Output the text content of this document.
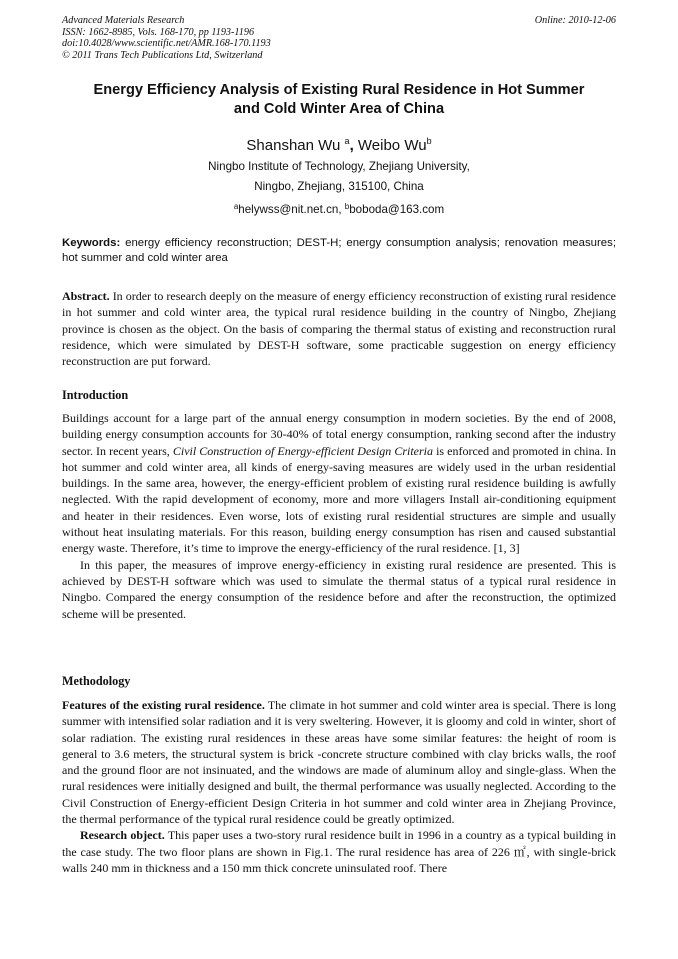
Advanced Materials Research
ISSN: 1662-8985, Vols. 168-170, pp 1193-1196
doi:10.4028/www.scientific.net/AMR.168-170.1193
© 2011 Trans Tech Publications Ltd, Switzerland
Online: 2010-12-06
Energy Efficiency Analysis of Existing Rural Residence in Hot Summer
and Cold Winter Area of China
Shanshan Wu $^a$, Weibo Wu$^b$
Ningbo Institute of Technology, Zhejiang University,
Ningbo, Zhejiang, 315100, China
$^a$helywss@nit.net.cn, $^b$boboda@163.com
Keywords: energy efficiency reconstruction; DEST-H; energy consumption analysis; renovation measures; hot summer and cold winter area

Abstract. In order to research deeply on the measure of energy efficiency reconstruction of existing rural residence in hot summer and cold winter area, the typical rural residence building in the country of Ningbo, Zhejiang province is chosen as the object. On the basis of comparing the thermal status of existing and reconstruction rural residence, which were simulated by DEST-H software, some practicable suggestion on energy efficiency reconstruction are put forward.

Introduction

Buildings account for a large part of the annual energy consumption in modern societies. By the end of 2008, building energy consumption accounts for 30-40% of total energy consumption, ranking second after the industry sector. In recent years, Civil Construction of Energy-efficient Design Criteria is enforced and promoted in china. In hot summer and cold winter area, all kinds of energy-saving measures are widely used in the urban residential buildings. In the same area, however, the energy-efficient problem of existing rural residence building is awfully neglected. With the rapid development of economy, more and more villagers Install air-conditioning equipment and heater in their residences. Even worse, lots of existing rural residential structures are simple and usually without heat insulating materials. For this reason, building energy consumption has risen and caused substantial energy waste. Therefore, it’s time to improve the energy-efficiency of the rural residence. [1, 3]

In this paper, the measures of improve energy-efficiency in existing rural residence are presented. This is achieved by DEST-H software which was used to simulate the thermal status of a typical rural residence in Ningbo. Compared the energy consumption of the residence before and after the reconstruction, the optimized scheme will be presented.

Methodology

Features of the existing rural residence. The climate in hot summer and cold winter area is special. There is long summer with intensified solar radiation and it is very sweltering. However, it is gloomy and cold in winter, short of solar radiation. The existing rural residences in these areas have some similar features: the height of room is general to 3.6 meters, the structural system is brick -concrete structure combined with clay bricks walls, the roof and the ground floor are not insinuated, and the windows are made of aluminum alloy and single-glass. When the rural residences were initially designed and built, the thermal performance was usually neglected. According to the Civil Construction of Energy-efficient Design Criteria in hot summer and cold winter area in Zhejiang Province, the thermal performance of the typical rural residence could be greatly optimized.

Research object. This paper uses a two-story rural residence built in 1996 in a country as a typical building in the case study. The two floor plans are shown in Fig.1. The rural residence has area of 226 ㎡, with single-brick walls 240 mm in thickness and a 150 mm thick concrete uninsulated roof. There
